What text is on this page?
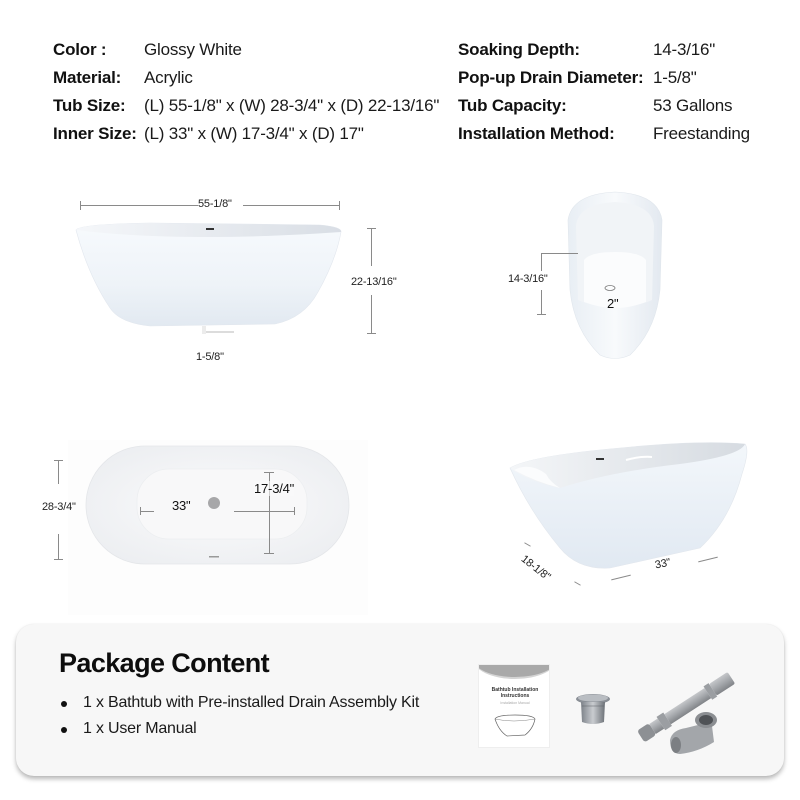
Color : Glossy White
Material: Acrylic
Tub Size: (L) 55-1/8" x (W) 28-3/4" x (D) 22-13/16"
Inner Size: (L) 33" x (W) 17-3/4" x (D) 17"
Soaking Depth:	14-3/16"
Pop-up Drain Diameter: 1-5/8"
Tub Capacity:	53 Gallons
Installation Method: Freestanding
55-1/8"
1-5/8"
22-13/16"
2"
14-3/16"
33"
17-3/4"
28-3/4"
18-1/8"	33"
Package Content
1 x Bathtub with Pre-installed Drain Assembly Kit
1 x User Manual
Bathtub Installation Instructions
Installation Manual
